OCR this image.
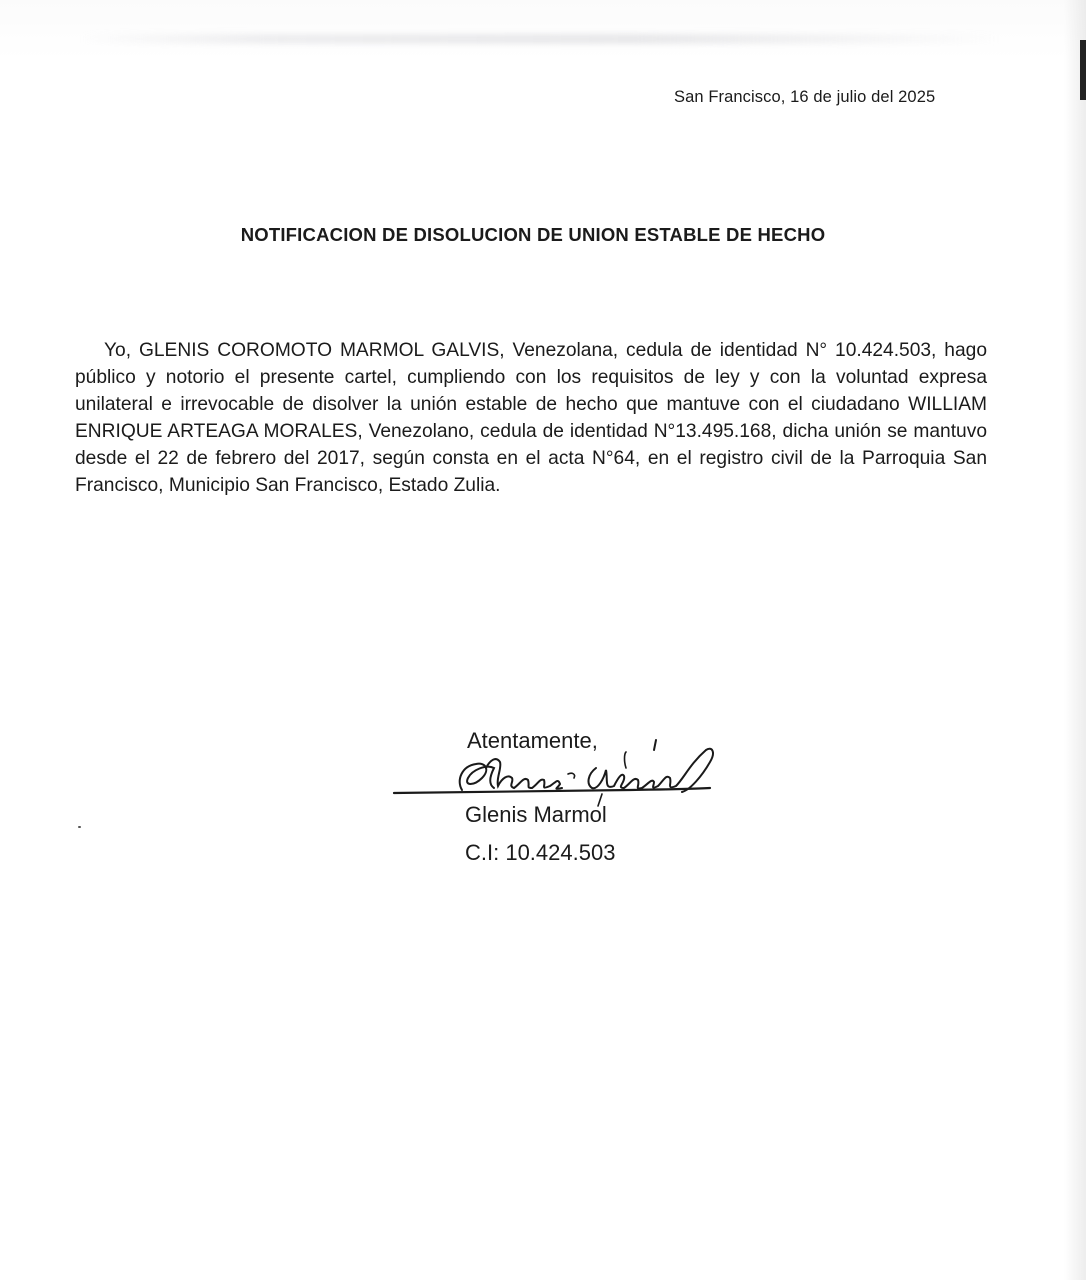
San Francisco, 16 de julio del 2025
NOTIFICACION DE DISOLUCION DE UNION ESTABLE DE HECHO
Yo, GLENIS COROMOTO MARMOL GALVIS, Venezolana, cedula de identidad N° 10.424.503, hago público y notorio el presente cartel, cumpliendo con los requisitos de ley y con la voluntad expresa unilateral e irrevocable de disolver la unión estable de hecho que mantuve con el ciudadano WILLIAM ENRIQUE ARTEAGA MORALES, Venezolano, cedula de identidad N°13.495.168, dicha unión se mantuvo desde el 22 de febrero del 2017, según consta en el acta N°64, en el registro civil de la Parroquia San Francisco, Municipio San Francisco, Estado Zulia.
Atentamente,
Glenis Marmol
C.I: 10.424.503
